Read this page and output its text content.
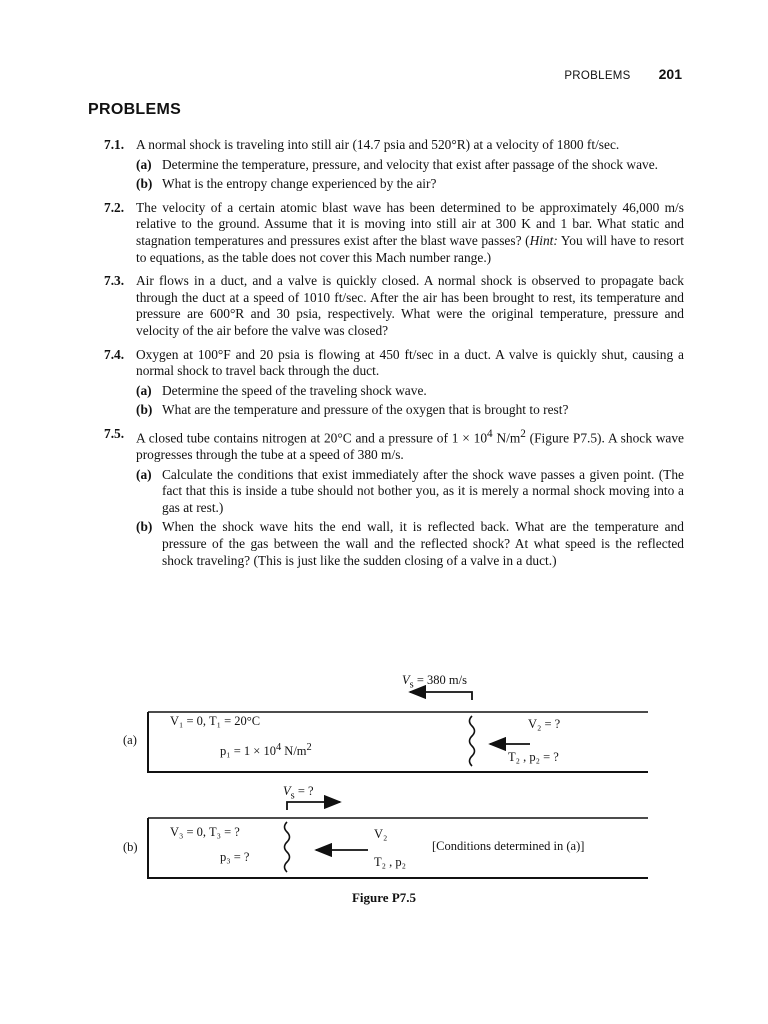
PROBLEMS 201
PROBLEMS
7.1. A normal shock is traveling into still air (14.7 psia and 520°R) at a velocity of 1800 ft/sec.
(a) Determine the temperature, pressure, and velocity that exist after passage of the shock wave.
(b) What is the entropy change experienced by the air?
7.2. The velocity of a certain atomic blast wave has been determined to be approximately 46,000 m/s relative to the ground. Assume that it is moving into still air at 300 K and 1 bar. What static and stagnation temperatures and pressures exist after the blast wave passes? (Hint: You will have to resort to equations, as the table does not cover this Mach number range.)
7.3. Air flows in a duct, and a valve is quickly closed. A normal shock is observed to propagate back through the duct at a speed of 1010 ft/sec. After the air has been brought to rest, its temperature and pressure are 600°R and 30 psia, respectively. What were the original temperature, pressure and velocity of the air before the valve was closed?
7.4. Oxygen at 100°F and 20 psia is flowing at 450 ft/sec in a duct. A valve is quickly shut, causing a normal shock to travel back through the duct.
(a) Determine the speed of the traveling shock wave.
(b) What are the temperature and pressure of the oxygen that is brought to rest?
7.5. A closed tube contains nitrogen at 20°C and a pressure of $1 \times 10^4$ $N/m^2$ (Figure P7.5). A shock wave progresses through the tube at a speed of 380 m/s.
(a) Calculate the conditions that exist immediately after the shock wave passes a given point. (The fact that this is inside a tube should not bother you, as it is merely a normal shock moving into a gas at rest.)
(b) When the shock wave hits the end wall, it is reflected back. What are the temperature and pressure of the gas between the wall and the reflected shock? At what speed is the reflected shock traveling? (This is just like the sudden closing of a valve in a duct.)
$V_s = 380$ m/s
(a)
V₁ = 0, T₁ = 20°C
$p_1 = 1 \times 10^4$ $N/m^2$
V₂ = ?
T₂ , p₂ = ?
$V_s$ = ?
(b)
V₃ = 0, T₃ = ?
p₃ = ?
V₂
T₂ , p₂
[Conditions determined in (a)]
Figure P7.5
